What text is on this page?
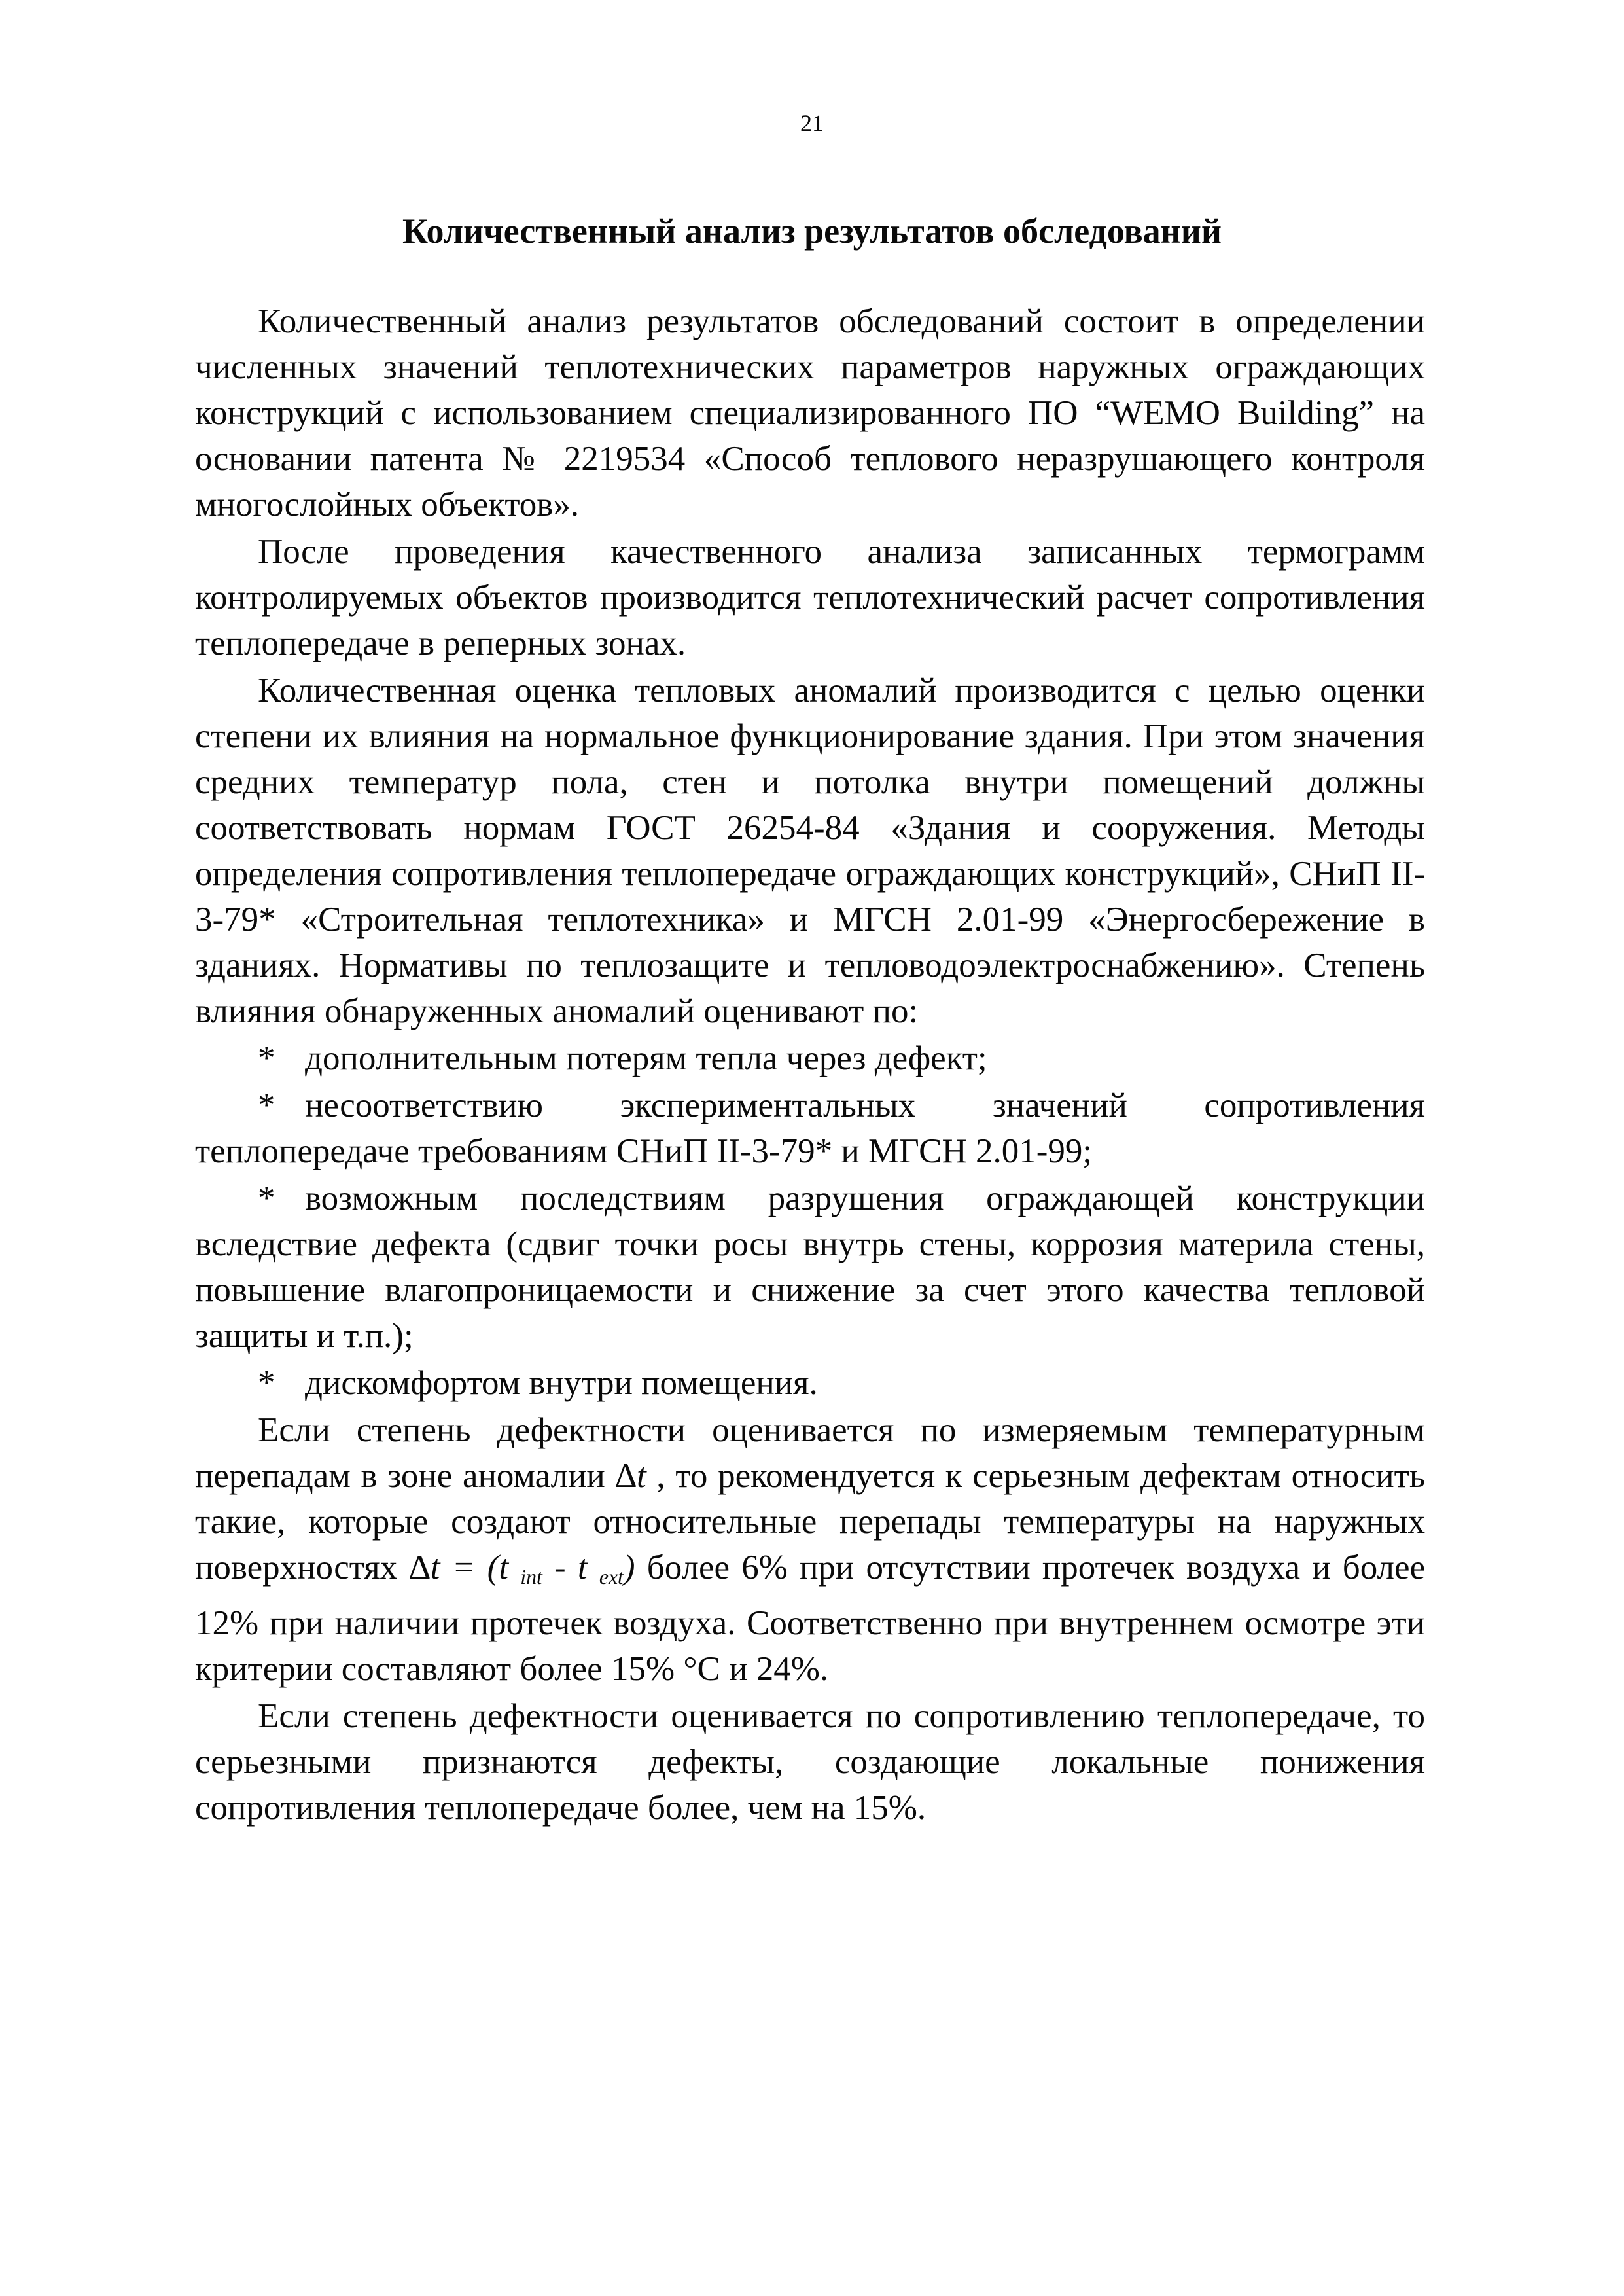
21
Количественный анализ результатов обследований

Количественный анализ результатов обследований состоит в определении численных значений теплотехнических параметров наружных ограждающих конструкций с использованием специализированного ПО “WEMO Building” на основании патента № 2219534 «Способ теплового неразрушающего контроля многослойных объектов».

После проведения качественного анализа записанных термограмм контролируемых объектов производится теплотехнический расчет сопротивления теплопередаче в реперных зонах.

Количественная оценка тепловых аномалий производится с целью оценки степени их влияния на нормальное функционирование здания. При этом значения средних температур пола, стен и потолка внутри помещений должны соответствовать нормам ГОСТ 26254-84 «Здания и сооружения. Методы определения сопротивления теплопередаче ограждающих конструкций», СНиП II-3-79* «Строительная теплотехника» и МГСН 2.01-99 «Энергосбережение в зданиях. Нормативы по теплозащите и тепловодоэлектроснабжению». Степень влияния обнаруженных аномалий оценивают по:

* дополнительным потерям тепла через дефект;

* несоответствию экспериментальных значений сопротивления теплопередаче требованиям СНиП II-3-79* и МГСН 2.01-99;

* возможным последствиям разрушения ограждающей конструкции вследствие дефекта (сдвиг точки росы внутрь стены, коррозия материла стены, повышение влагопроницаемости и снижение за счет этого качества тепловой защиты и т.п.);

* дискомфортом внутри помещения.

Если степень дефектности оценивается по измеряемым температурным перепадам в зоне аномалии ∆t , то рекомендуется к серьезным дефектам относить такие, которые создают относительные перепады температуры на наружных поверхностях ∆t = (t $_{int}$ - t $_{ext}$) более 6% при отсутствии протечек воздуха и более 12% при наличии протечек воздуха. Соответственно при внутреннем осмотре эти критерии составляют более 15% °С и 24%.

Если степень дефектности оценивается по сопротивлению теплопередаче, то серьезными признаются дефекты, создающие локальные понижения сопротивления теплопередаче более, чем на 15%.
